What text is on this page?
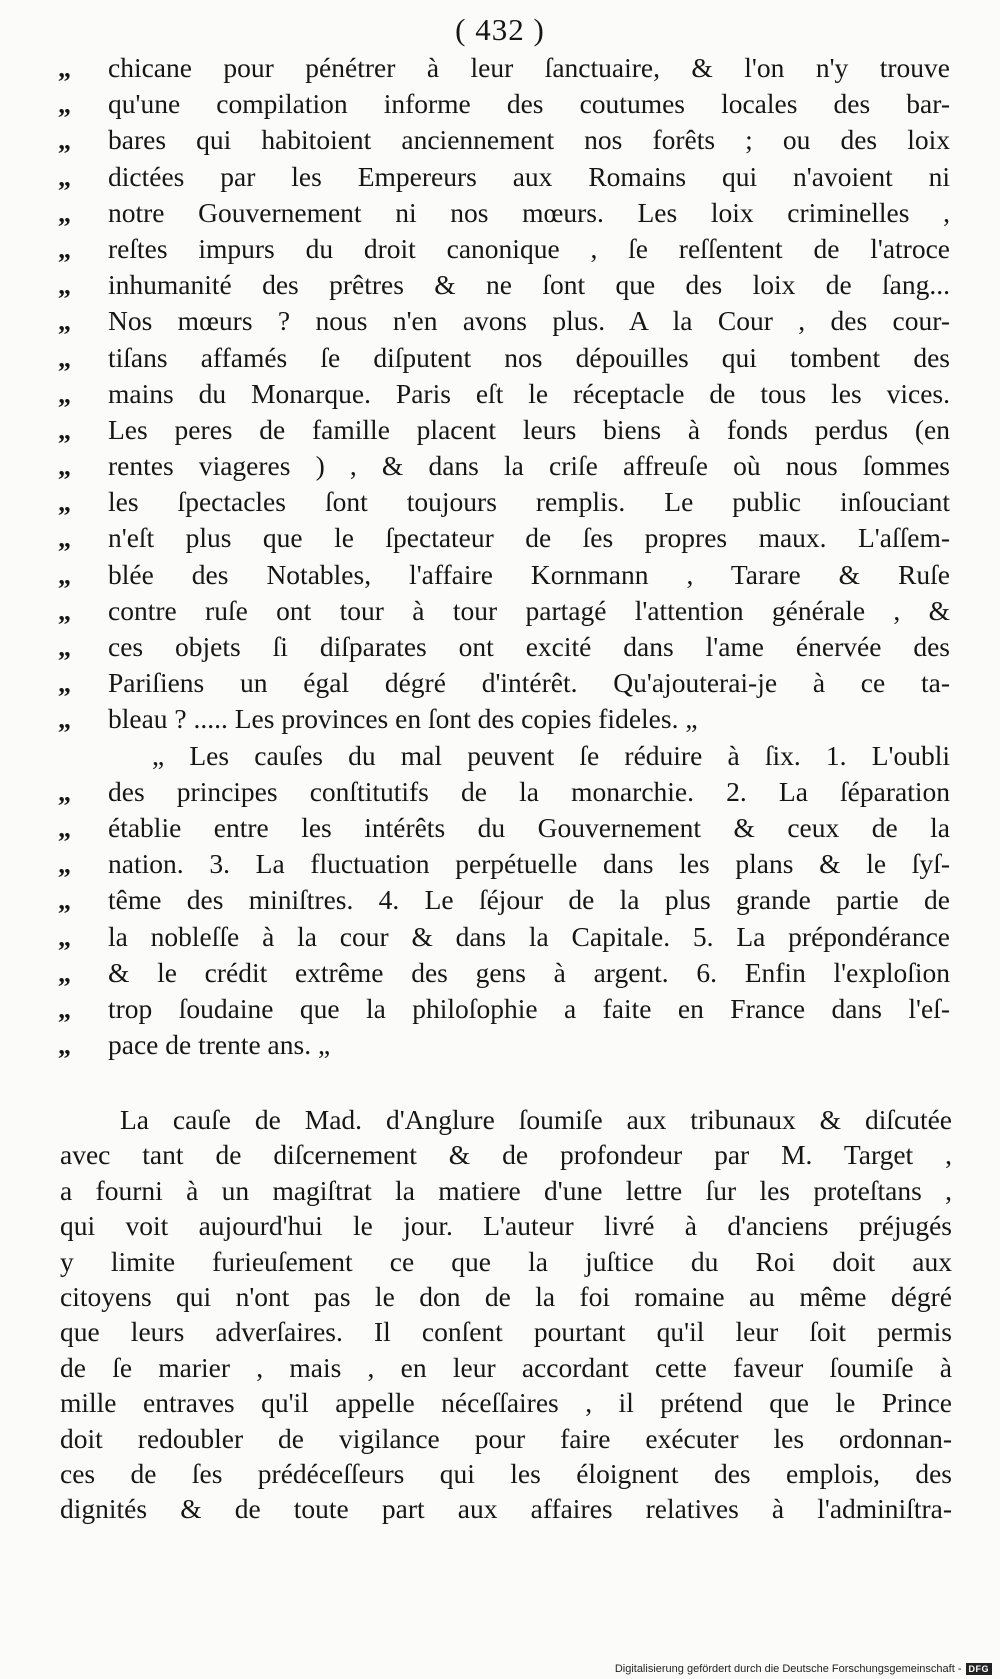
( 432 )
„	chicane pour pénétrer à leur ſanctuaire, & l'on n'y trouve
„	qu'une compilation informe des coutumes locales des bar-
„	bares qui habitoient anciennement nos forêts ; ou des loix
„	dictées par les Empereurs aux Romains qui n'avoient ni
„	notre Gouvernement ni nos mœurs. Les loix criminelles ,
„	reſtes impurs du droit canonique , ſe reſſentent de l'atroce
„	inhumanité des prêtres & ne ſont que des loix de ſang...
„	Nos mœurs ? nous n'en avons plus. A la Cour , des cour-
„	tiſans affamés ſe diſputent nos dépouilles qui tombent des
„	mains du Monarque. Paris eſt le réceptacle de tous les vices.
„	Les peres de famille placent leurs biens à fonds perdus (en
„	rentes viageres ) , & dans la criſe affreuſe où nous ſommes
„	les ſpectacles ſont toujours remplis. Le public inſouciant
„	n'eſt plus que le ſpectateur de ſes propres maux. L'aſſem-
„	blée des Notables, l'affaire Kornmann , Tarare & Ruſe
„	contre ruſe ont tour à tour partagé l'attention générale , &
„	ces objets ſi diſparates ont excité dans l'ame énervée des
„	Pariſiens un égal dégré d'intérêt. Qu'ajouterai-je à ce ta-
„	bleau ? ..... Les provinces en ſont des copies fideles. „
„ Les cauſes du mal peuvent ſe réduire à ſix. 1. L'oubli
„	des principes conſtitutifs de la monarchie. 2. La ſéparation
„	établie entre les intérêts du Gouvernement & ceux de la
„	nation. 3. La fluctuation perpétuelle dans les plans & le ſyſ-
„	tême des miniſtres. 4. Le ſéjour de la plus grande partie de
„	la nobleſſe à la cour & dans la Capitale. 5. La prépondérance
„	& le crédit extrême des gens à argent. 6. Enfin l'exploſion
„	trop ſoudaine que la philoſophie a faite en France dans l'eſ-
„	pace de trente ans. „
La cauſe de Mad. d'Anglure ſoumiſe aux tribunaux & diſcutée
avec tant de diſcernement & de profondeur par M. Target ,
a fourni à un magiſtrat la matiere d'une lettre ſur les proteſtans ,
qui voit aujourd'hui le jour. L'auteur livré à d'anciens préjugés
y limite furieuſement ce que la juſtice du Roi doit aux
citoyens qui n'ont pas le don de la foi romaine au même dégré
que leurs adverſaires. Il conſent pourtant qu'il leur ſoit permis
de ſe marier , mais , en leur accordant cette faveur ſoumiſe à
mille entraves qu'il appelle néceſſaires , il prétend que le Prince
doit redoubler de vigilance pour faire exécuter les ordonnan-
ces de ſes prédéceſſeurs qui les éloignent des emplois, des
dignités & de toute part aux affaires relatives à l'adminiſtra-
Digitalisierung gefördert durch die Deutsche Forschungsgemeinschaft - DFG
